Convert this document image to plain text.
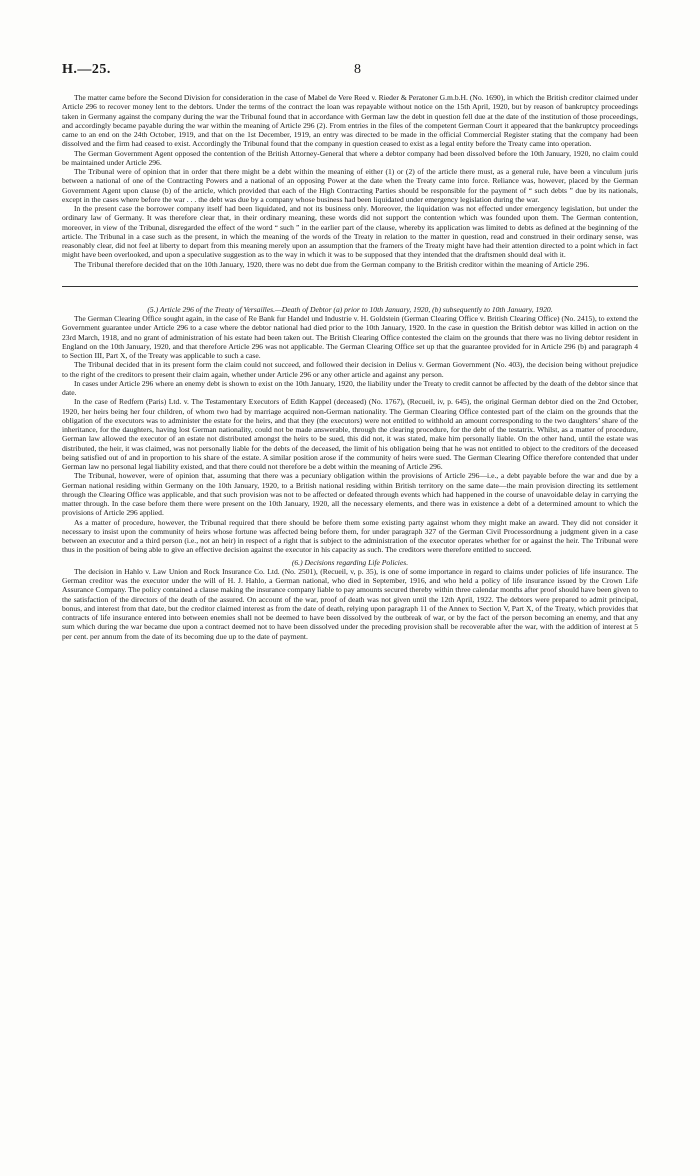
H.—25.	8

The matter came before the Second Division for consideration in the case of Mabel de Vere Reed v. Rieder & Peratoner G.m.b.H. (No. 1690), in which the British creditor claimed under Article 296 to recover money lent to the debtors. Under the terms of the contract the loan was repayable without notice on the 15th April, 1920, but by reason of bankruptcy proceedings taken in Germany against the company during the war the Tribunal found that in accordance with German law the debt in question fell due at the date of the institution of those proceedings, and accordingly became payable during the war within the meaning of Article 296 (2). From entries in the files of the competent German Court it appeared that the bankruptcy proceedings came to an end on the 24th October, 1919, and that on the 1st December, 1919, an entry was directed to be made in the official Commercial Register stating that the company had been dissolved and the firm had ceased to exist. Accordingly the Tribunal found that the company in question ceased to exist as a legal entity before the Treaty came into operation.

The German Government Agent opposed the contention of the British Attorney-General that where a debtor company had been dissolved before the 10th January, 1920, no claim could be maintained under Article 296.

The Tribunal were of opinion that in order that there might be a debt within the meaning of either (1) or (2) of the article there must, as a general rule, have been a vinculum juris between a national of one of the Contracting Powers and a national of an opposing Power at the date when the Treaty came into force. Reliance was, however, placed by the German Government Agent upon clause (b) of the article, which provided that each of the High Contracting Parties should be responsible for the payment of “ such debts ” due by its nationals, except in the cases where before the war . . . the debt was due by a company whose business had been liquidated under emergency legislation during the war.

In the present case the borrower company itself had been liquidated, and not its business only. Moreover, the liquidation was not effected under emergency legislation, but under the ordinary law of Germany. It was therefore clear that, in their ordinary meaning, these words did not support the contention which was founded upon them. The German contention, moreover, in view of the Tribunal, disregarded the effect of the word “ such ” in the earlier part of the clause, whereby its application was limited to debts as defined at the beginning of the article. The Tribunal in a case such as the present, in which the meaning of the words of the Treaty in relation to the matter in question, read and construed in their ordinary sense, was reasonably clear, did not feel at liberty to depart from this meaning merely upon an assumption that the framers of the Treaty might have had their attention directed to a point which in fact might have been overlooked, and upon a speculative suggestion as to the way in which it was to be supposed that they intended that the draftsmen should deal with it.

The Tribunal therefore decided that on the 10th January, 1920, there was no debt due from the German company to the British creditor within the meaning of Article 296.

(5.) Article 296 of the Treaty of Versailles.—Death of Debtor (a) prior to 10th January, 1920, (b) subsequently to 10th January, 1920.

The German Clearing Office sought again, in the case of Re Bank fur Handel und Industrie v. H. Goldstein (German Clearing Office v. British Clearing Office) (No. 2415), to extend the Government guarantee under Article 296 to a case where the debtor national had died prior to the 10th January, 1920. In the case in question the British debtor was killed in action on the 23rd March, 1918, and no grant of administration of his estate had been taken out. The British Clearing Office contested the claim on the grounds that there was no living debtor resident in England on the 10th January, 1920, and that therefore Article 296 was not applicable. The German Clearing Office set up that the guarantee provided for in Article 296 (b) and paragraph 4 to Section III, Part X, of the Treaty was applicable to such a case.

The Tribunal decided that in its present form the claim could not succeed, and followed their decision in Delius v. German Government (No. 403), the decision being without prejudice to the right of the creditors to present their claim again, whether under Article 296 or any other article and against any person.

In cases under Article 296 where an enemy debt is shown to exist on the 10th January, 1920, the liability under the Treaty to credit cannot be affected by the death of the debtor since that date.

In the case of Redfern (Paris) Ltd. v. The Testamentary Executors of Edith Kappel (deceased) (No. 1767), (Recueil, iv, p. 645), the original German debtor died on the 2nd October, 1920, her heirs being her four children, of whom two had by marriage acquired non-German nationality. The German Clearing Office contested part of the claim on the grounds that the obligation of the executors was to administer the estate for the heirs, and that they (the executors) were not entitled to withhold an amount corresponding to the two daughters’ share of the inheritance, for the daughters, having lost German nationality, could not be made answerable, through the clearing procedure, for the debt of the testatrix. Whilst, as a matter of procedure, German law allowed the executor of an estate not distributed amongst the heirs to be sued, this did not, it was stated, make him personally liable. On the other hand, until the estate was distributed, the heir, it was claimed, was not personally liable for the debts of the deceased, the limit of his obligation being that he was not entitled to object to the creditors of the deceased being satisfied out of and in proportion to his share of the estate. A similar position arose if the community of heirs were sued. The German Clearing Office therefore contended that under German law no personal legal liability existed, and that there could not therefore be a debt within the meaning of Article 296.

The Tribunal, however, were of opinion that, assuming that there was a pecuniary obligation within the provisions of Article 296—i.e., a debt payable before the war and due by a German national residing within Germany on the 10th January, 1920, to a British national residing within British territory on the same date—the main provision directing its settlement through the Clearing Office was applicable, and that such provision was not to be affected or defeated through events which had happened in the course of unavoidable delay in carrying the matter through. In the case before them there were present on the 10th January, 1920, all the necessary elements, and there was in existence a debt of a determined amount to which the provisions of Article 296 applied.

As a matter of procedure, however, the Tribunal required that there should be before them some existing party against whom they might make an award. They did not consider it necessary to insist upon the community of heirs whose fortune was affected being before them, for under paragraph 327 of the German Civil Processordnung a judgment given in a case between an executor and a third person (i.e., not an heir) in respect of a right that is subject to the administration of the executor operates whether for or against the heir. The Tribunal were thus in the position of being able to give an effective decision against the executor in his capacity as such. The creditors were therefore entitled to succeed.

(6.) Decisions regarding Life Policies.

The decision in Hahlo v. Law Union and Rock Insurance Co. Ltd. (No. 2501), (Recueil, v, p. 35), is one of some importance in regard to claims under policies of life insurance. The German creditor was the executor under the will of H. J. Hahlo, a German national, who died in September, 1916, and who held a policy of life insurance issued by the Crown Life Assurance Company. The policy contained a clause making the insurance company liable to pay amounts secured thereby within three calendar months after proof should have been given to the satisfaction of the directors of the death of the assured. On account of the war, proof of death was not given until the 12th April, 1922. The debtors were prepared to admit principal, bonus, and interest from that date, but the creditor claimed interest as from the date of death, relying upon paragraph 11 of the Annex to Section V, Part X, of the Treaty, which provides that contracts of life insurance entered into between enemies shall not be deemed to have been dissolved by the outbreak of war, or by the fact of the person becoming an enemy, and that any sum which during the war became due upon a contract deemed not to have been dissolved under the preceding provision shall be recoverable after the war, with the addition of interest at 5 per cent. per annum from the date of its becoming due up to the date of payment.
